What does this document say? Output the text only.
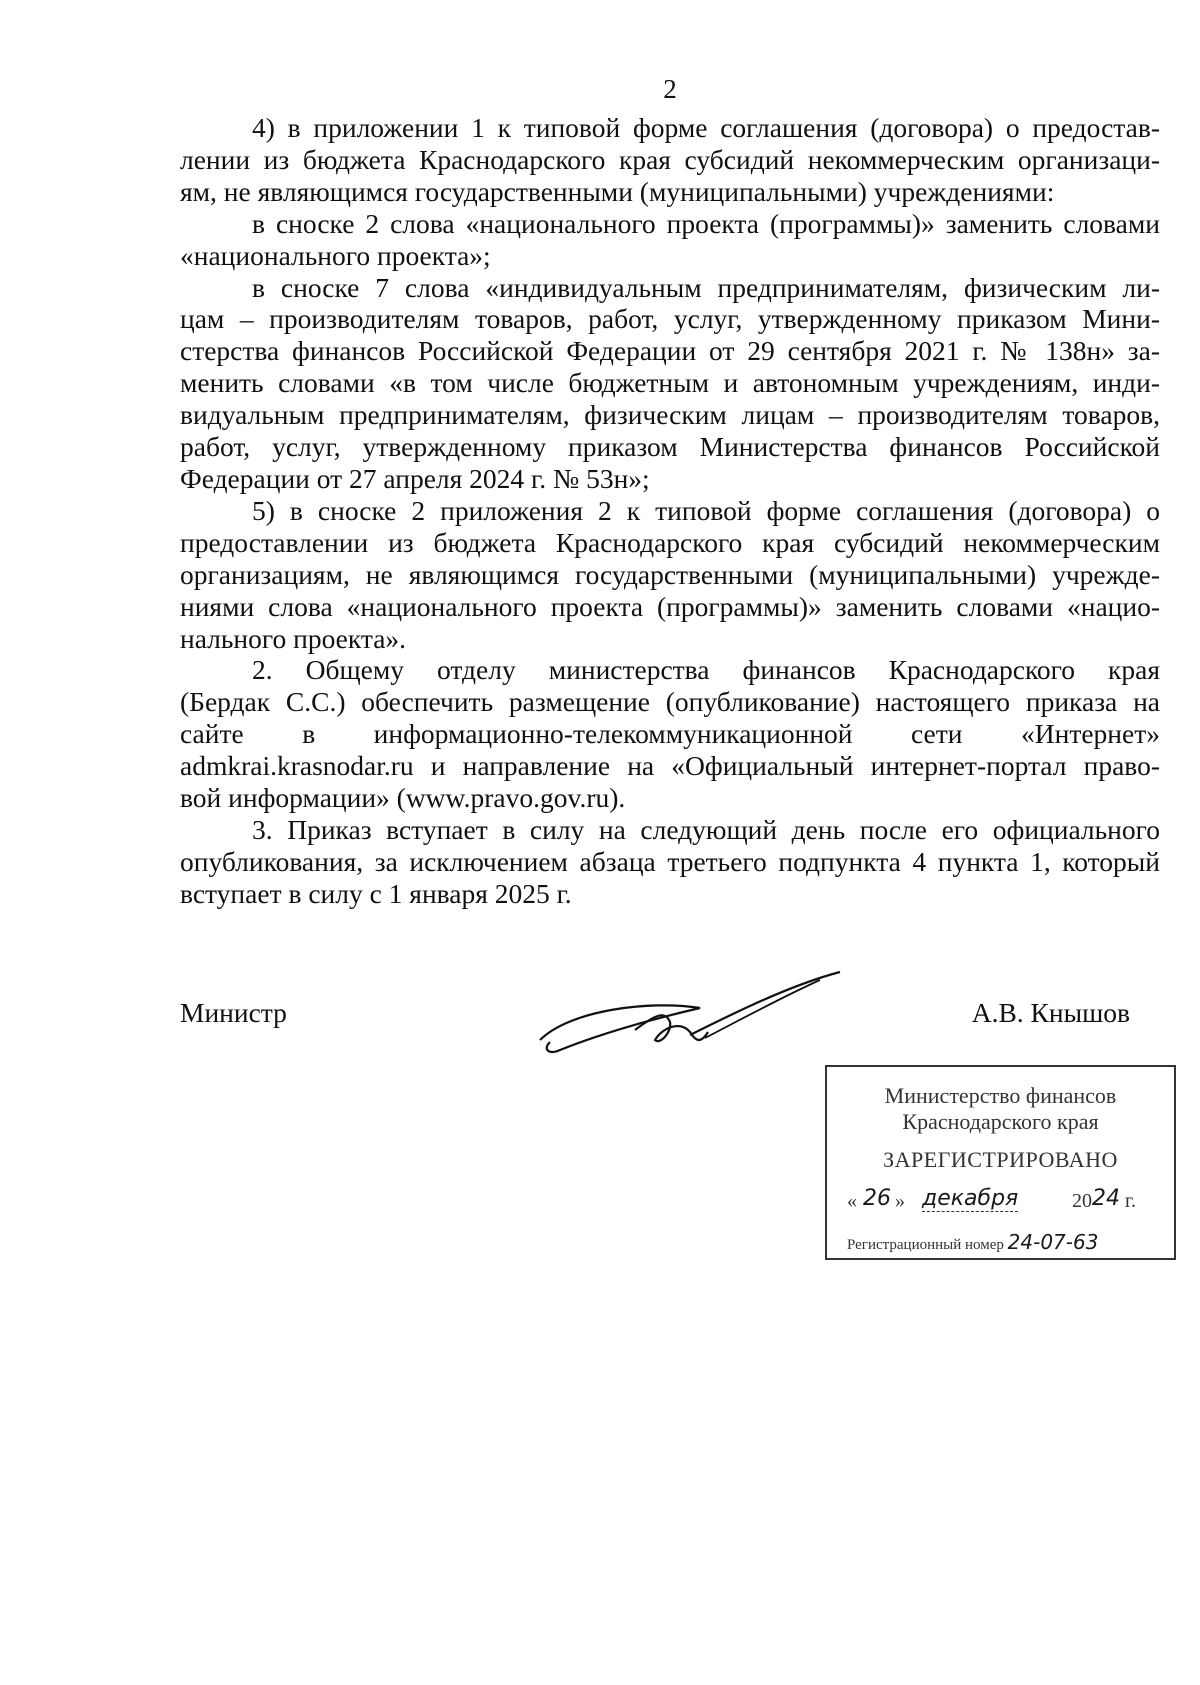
2
4) в приложении 1 к типовой форме соглашения (договора) о предостав-
лении из бюджета Краснодарского края субсидий некоммерческим организаци-
ям, не являющимся государственными (муниципальными) учреждениями:
в сноске 2 слова «национального проекта (программы)» заменить словами
«национального проекта»;
в сноске 7 слова «индивидуальным предпринимателям, физическим ли-
цам – производителям товаров, работ, услуг, утвержденному приказом Мини-
стерства финансов Российской Федерации от 29 сентября 2021 г. № 138н» за-
менить словами «в том числе бюджетным и автономным учреждениям, инди-
видуальным предпринимателям, физическим лицам – производителям товаров,
работ, услуг, утвержденному приказом Министерства финансов Российской
Федерации от 27 апреля 2024 г. № 53н»;
5) в сноске 2 приложения 2 к типовой форме соглашения (договора) о
предоставлении из бюджета Краснодарского края субсидий некоммерческим
организациям, не являющимся государственными (муниципальными) учрежде-
ниями слова «национального проекта (программы)» заменить словами «нацио-
нального проекта».
2. Общему отделу министерства финансов Краснодарского края
(Бердак С.С.) обеспечить размещение (опубликование) настоящего приказа на
сайте в информационно-телекоммуникационной сети «Интернет»
admkrai.krasnodar.ru и направление на «Официальный интернет-портал право-
вой информации» (www.pravo.gov.ru).
3. Приказ вступает в силу на следующий день после его официального
опубликования, за исключением абзаца третьего подпункта 4 пункта 1, который
вступает в силу с 1 января 2025 г.
Министр	А.В. Кнышов
Министерство финансов
Краснодарского края
ЗАРЕГИСТРИРОВАНО
« 26 » декабря	20 24 г.
Регистрационный номер 24-07-63
